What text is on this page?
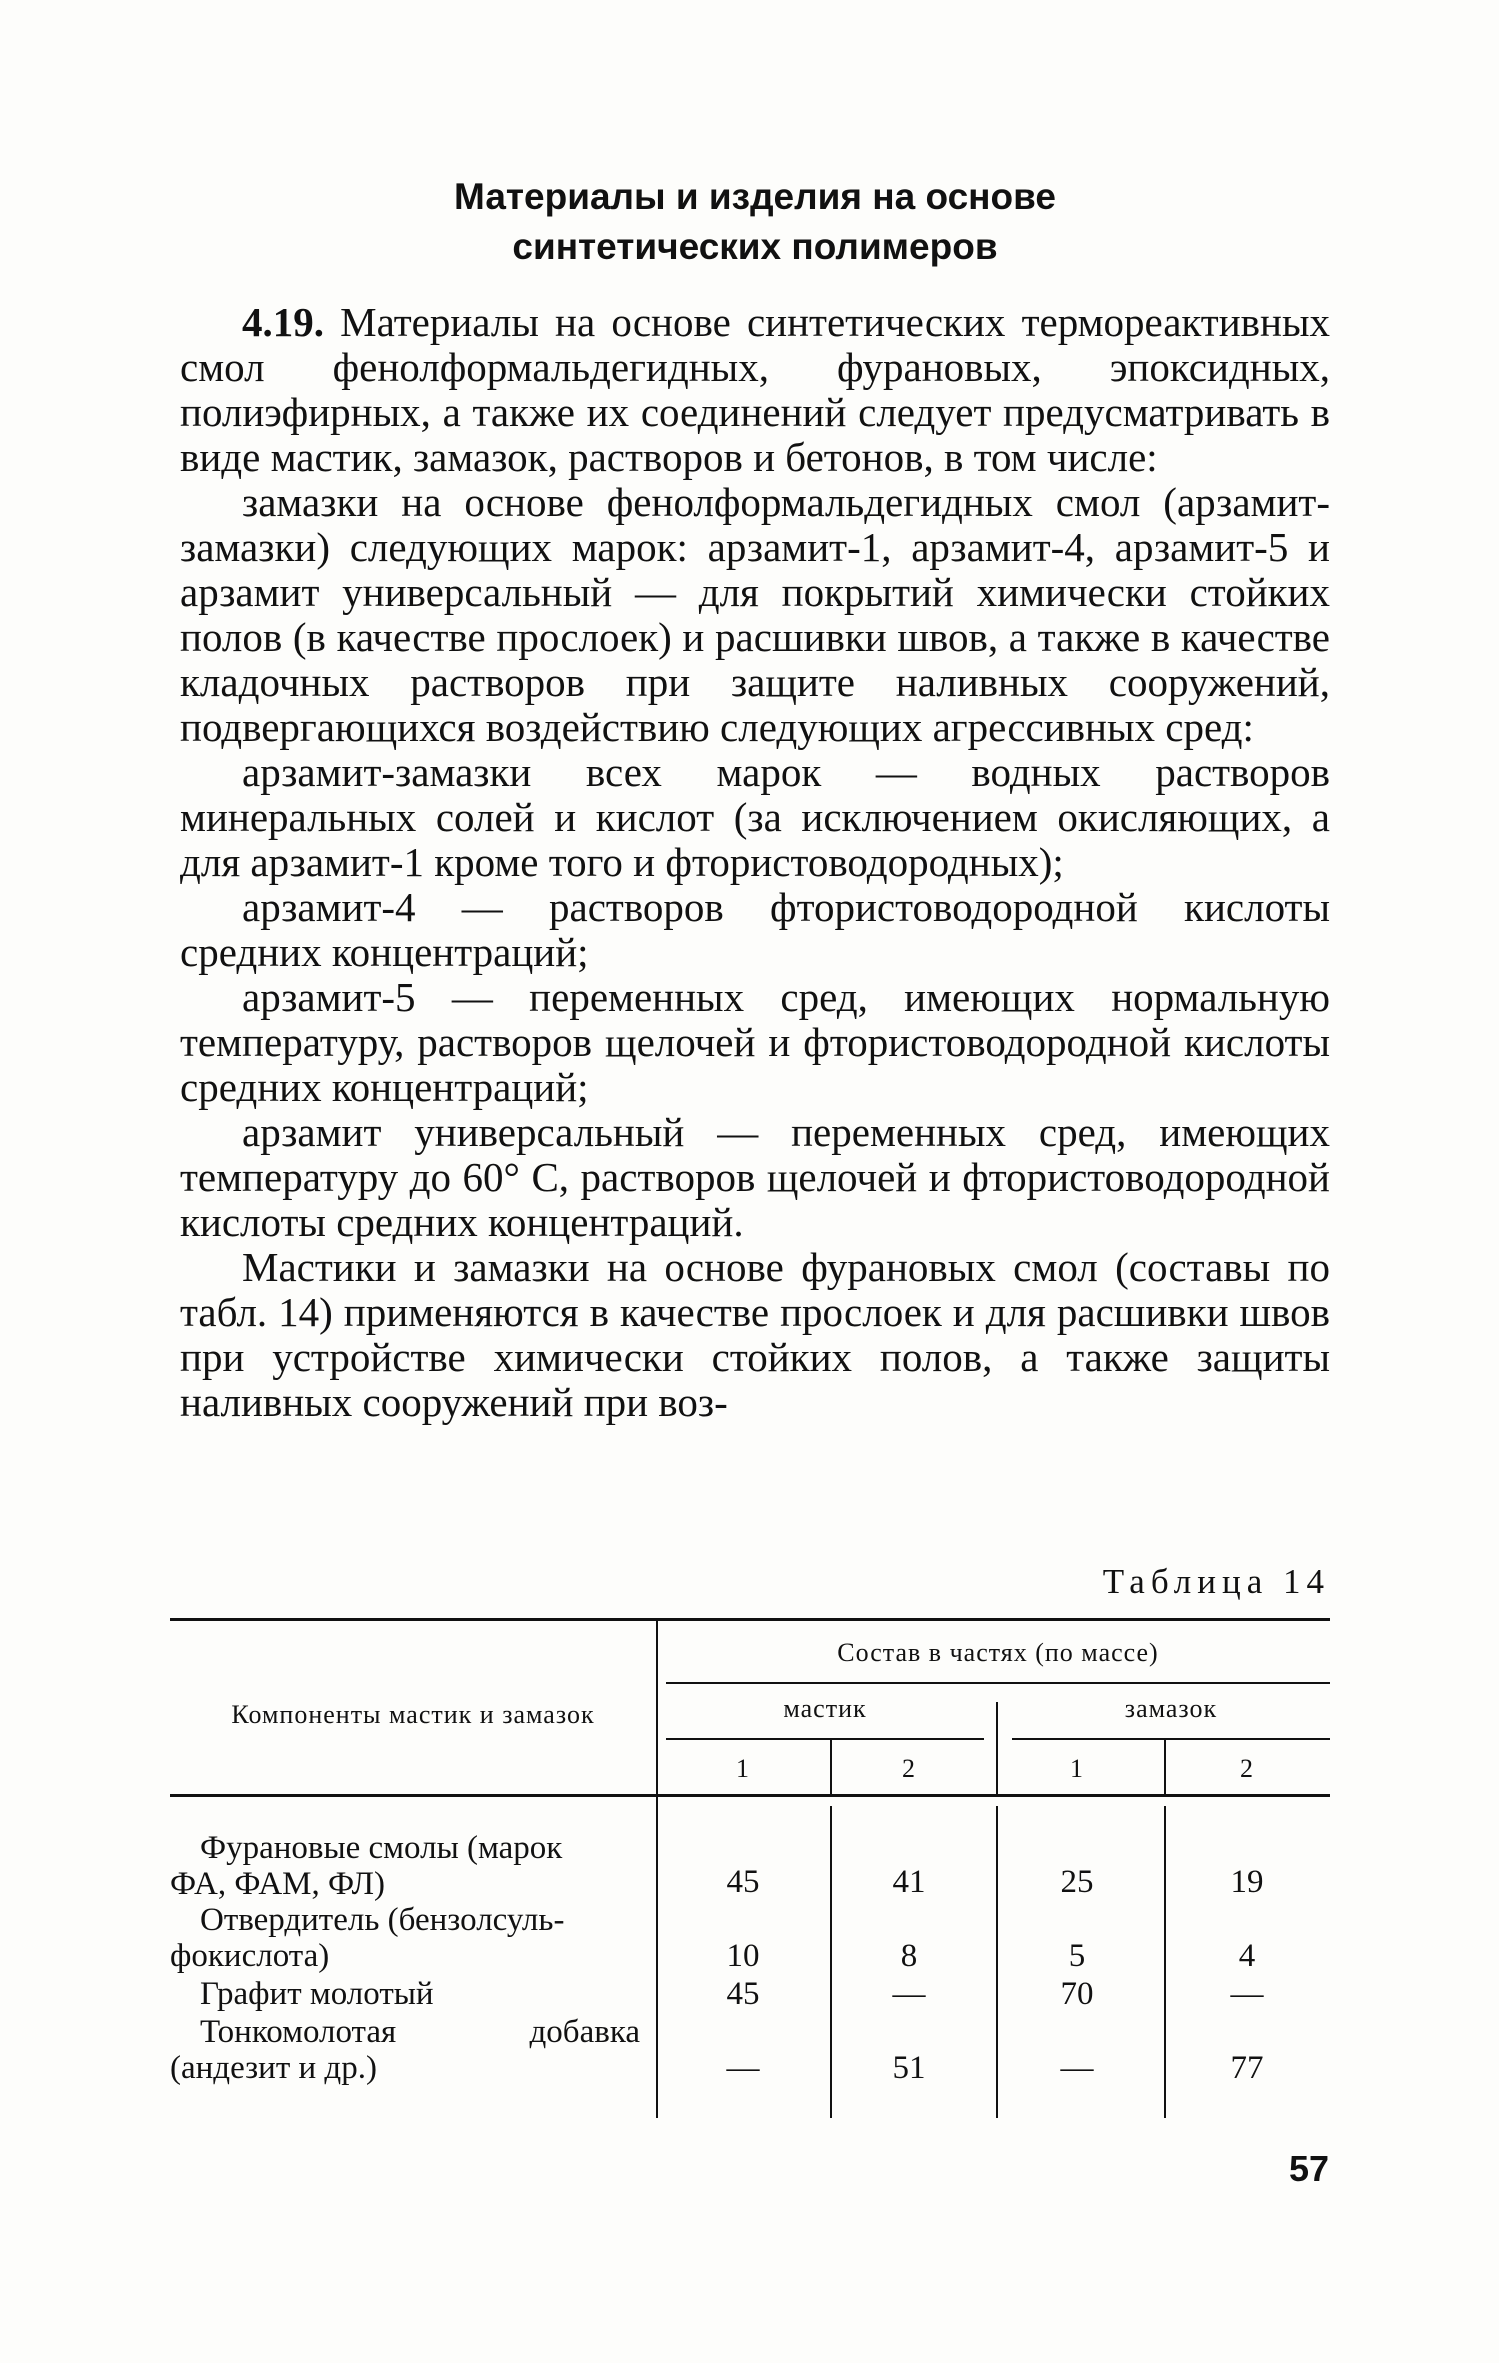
Материалы и изделия на основе
синтетических полимеров

4.19. Материалы на основе синтетических термореактивных смол фенолформальдегидных, фурановых, эпоксидных, полиэфирных, а также их соединений следует предусматривать в виде мастик, замазок, растворов и бетонов, в том числе:

замазки на основе фенолформальдегидных смол (арзамит-замазки) следующих марок: арзамит-1, арзамит-4, арзамит-5 и арзамит универсальный — для покрытий химически стойких полов (в качестве прослоек) и расшивки швов, а также в качестве кладочных растворов при защите наливных сооружений, подвергающихся воздействию следующих агрессивных сред:

арзамит-замазки всех марок — водных растворов минеральных солей и кислот (за исключением окисляющих, а для арзамит-1 кроме того и фтористоводородных);

арзамит-4 — растворов фтористоводородной кислоты средних концентраций;

арзамит-5 — переменных сред, имеющих нормальную температуру, растворов щелочей и фтористоводородной кислоты средних концентраций;

арзамит универсальный — переменных сред, имеющих температуру до 60° С, растворов щелочей и фтористоводородной кислоты средних концентраций.

Мастики и замазки на основе фурановых смол (составы по табл. 14) применяются в качестве прослоек и для расшивки швов при устройстве химически стойких полов, а также защиты наливных сооружений при воз-

Таблица 14
Компоненты мастик и замазок
Состав в частях (по массе)
мастик	замазок
1	2	1	2
Фурановые смолы (марок
ФА, ФАМ, ФЛ)	45	41	25	19
Отвердитель (бензолсуль-
фокислота)	10	8	5	4
Графит молотый	45	—	70	—
Тонкомолотая добавка
(андезит и др.)	—	51	—	77
57
